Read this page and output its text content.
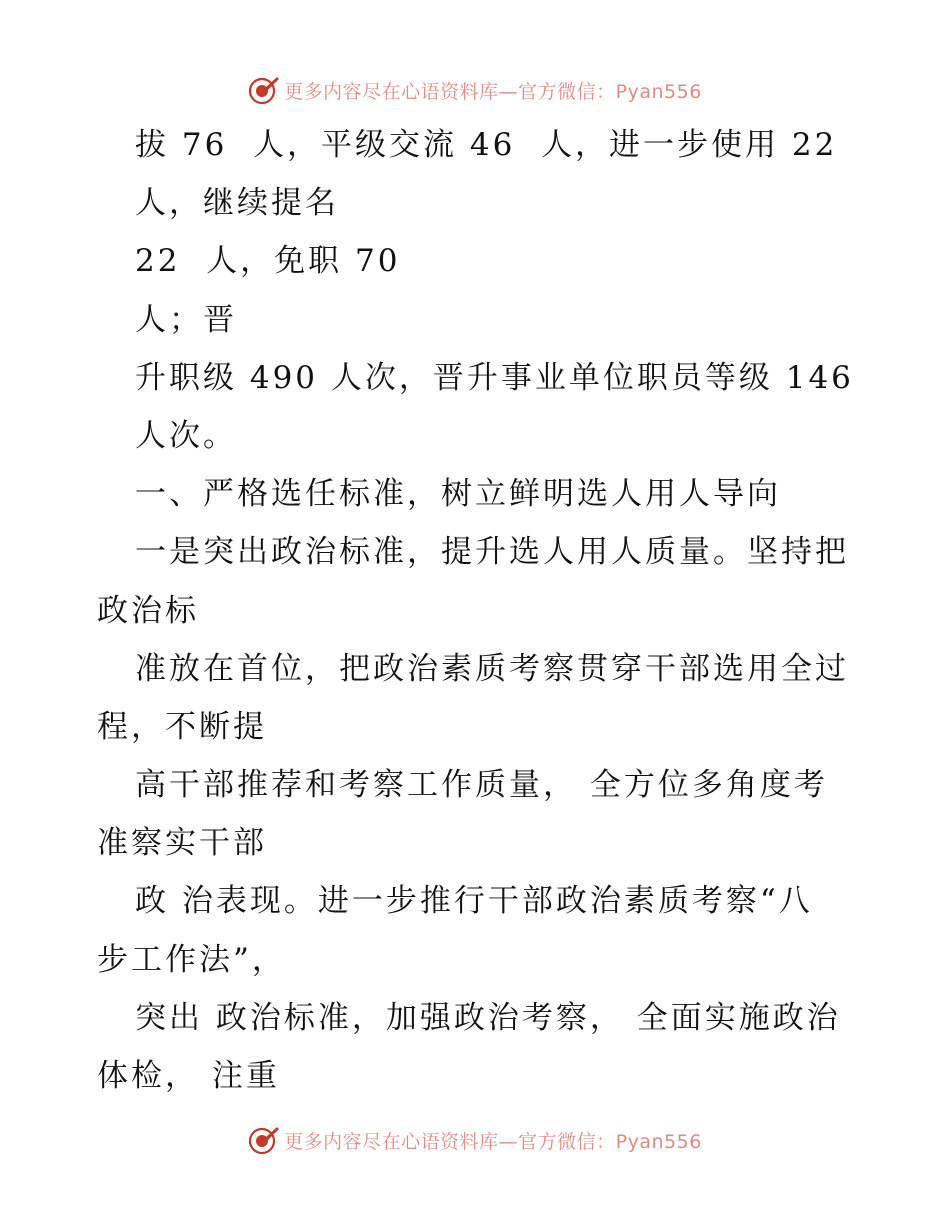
更多内容尽在心语资料库—官方微信：Pyan556
拔 76  人，平级交流 46  人，进一步使用 22
人，继续提名
22  人，免职 70
人；晋
升职级 490 人次，晋升事业单位职员等级 146
人次。
一、严格选任标准，树立鲜明选人用人导向
一是突出政治标准，提升选人用人质量。坚持把
政治标
准放在首位，把政治素质考察贯穿干部选用全过
程，不断提
高干部推荐和考察工作质量， 全方位多角度考
准察实干部
政 治表现。进一步推行干部政治素质考察“八
步工作法”，
突出 政治标准，加强政治考察， 全面实施政治
体检， 注重
更多内容尽在心语资料库—官方微信：Pyan556
